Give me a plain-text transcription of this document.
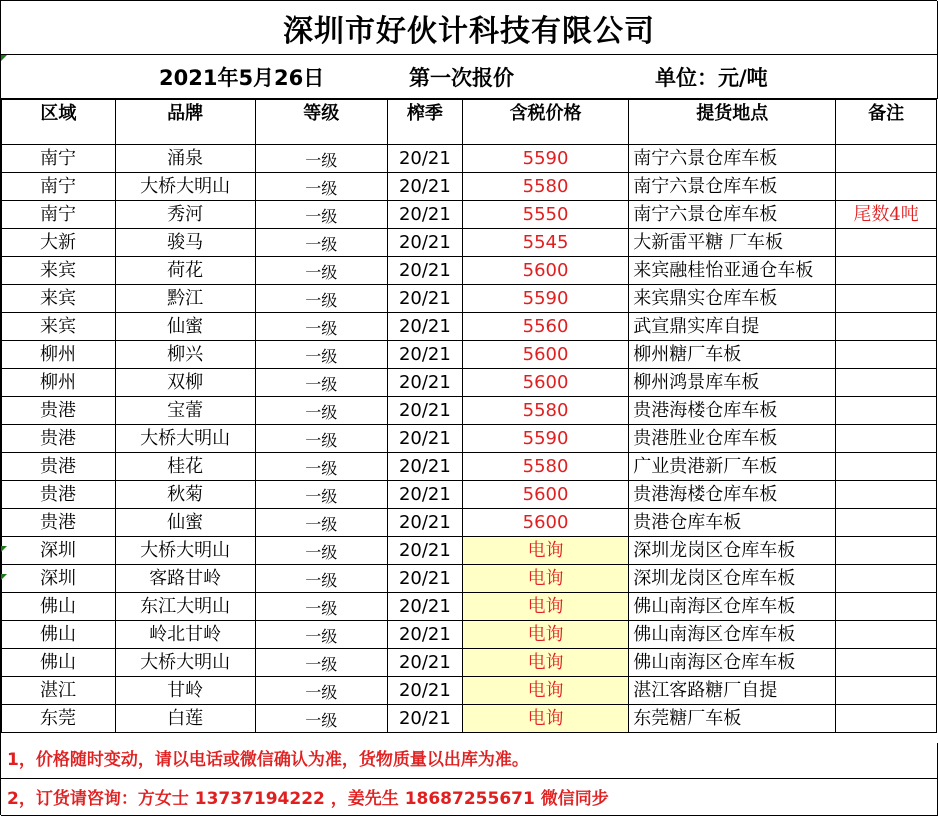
深圳市好伙计科技有限公司
2021年5月26日	第一次报价	单位：元/吨
区域	品牌	等级	榨季	含税价格	提货地点	备注
南宁	涌泉	一级	20/21	5590	南宁六景仓库车板	
南宁	大桥大明山	一级	20/21	5580	南宁六景仓库车板	
南宁	秀河	一级	20/21	5550	南宁六景仓库车板	尾数4吨
大新	骏马	一级	20/21	5545	大新雷平糖 厂车板	
来宾	荷花	一级	20/21	5600	来宾融桂怡亚通仓车板	
来宾	黔江	一级	20/21	5590	来宾鼎实仓库车板	
来宾	仙蜜	一级	20/21	5560	武宣鼎实库自提	
柳州	柳兴	一级	20/21	5600	柳州糖厂车板	
柳州	双柳	一级	20/21	5600	柳州鸿景库车板	
贵港	宝蕾	一级	20/21	5580	贵港海楼仓库车板	
贵港	大桥大明山	一级	20/21	5590	贵港胜业仓库车板	
贵港	桂花	一级	20/21	5580	广业贵港新厂车板	
贵港	秋菊	一级	20/21	5600	贵港海楼仓库车板	
贵港	仙蜜	一级	20/21	5600	贵港仓库车板	
深圳	大桥大明山	一级	20/21	电询	深圳龙岗区仓库车板	
深圳	客路甘岭	一级	20/21	电询	深圳龙岗区仓库车板	
佛山	东江大明山	一级	20/21	电询	佛山南海区仓库车板	
佛山	岭北甘岭	一级	20/21	电询	佛山南海区仓库车板	
佛山	大桥大明山	一级	20/21	电询	佛山南海区仓库车板	
湛江	甘岭	一级	20/21	电询	湛江客路糖厂自提	
东莞	白莲	一级	20/21	电询	东莞糖厂车板	
1，价格随时变动，请以电话或微信确认为准，货物质量以出库为准。
2，订货请咨询：方女士 13737194222 ，姜先生 18687255671 微信同步
